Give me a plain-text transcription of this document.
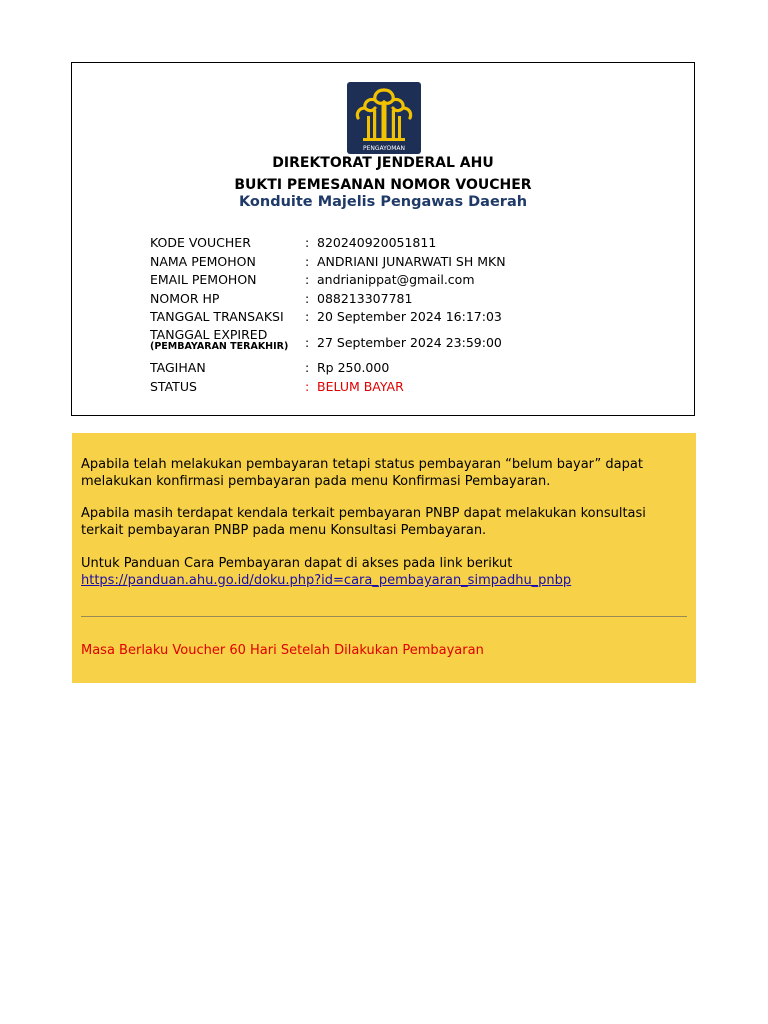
PENGAYOMAN
DIREKTORAT JENDERAL AHU
BUKTI PEMESANAN NOMOR VOUCHER
Konduite Majelis Pengawas Daerah
KODE VOUCHER	: 820240920051811
NAMA PEMOHON	: ANDRIANI JUNARWATI SH MKN
EMAIL PEMOHON	: andrianippat@gmail.com
NOMOR HP	: 088213307781
TANGGAL TRANSAKSI : 20 September 2024 16:17:03
TANGGAL EXPIRED
(PEMBAYARAN TERAKHIR) : 27 September 2024 23:59:00
TAGIHAN	: Rp 250.000
STATUS	: BELUM BAYAR

Apabila telah melakukan pembayaran tetapi status pembayaran “belum bayar” dapat
melakukan konfirmasi pembayaran pada menu Konfirmasi Pembayaran.

Apabila masih terdapat kendala terkait pembayaran PNBP dapat melakukan konsultasi
terkait pembayaran PNBP pada menu Konsultasi Pembayaran.

Untuk Panduan Cara Pembayaran dapat di akses pada link berikut
https://panduan.ahu.go.id/doku.php?id=cara_pembayaran_simpadhu_pnbp

Masa Berlaku Voucher 60 Hari Setelah Dilakukan Pembayaran
